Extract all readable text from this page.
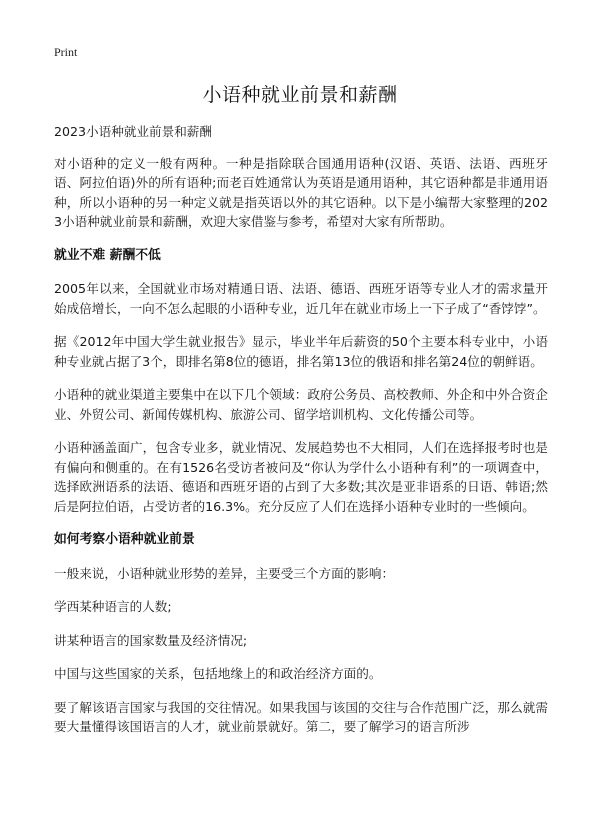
Print
小语种就业前景和薪酬

2023小语种就业前景和薪酬

对小语种的定义一般有两种。一种是指除联合国通用语种(汉语、英语、法语、西班牙语、阿拉伯语)外的所有语种;而老百姓通常认为英语是通用语种，其它语种都是非通用语种，所以小语种的另一种定义就是指英语以外的其它语种。以下是小编帮大家整理的2023小语种就业前景和薪酬，欢迎大家借鉴与参考，希望对大家有所帮助。

就业不难 薪酬不低

2005年以来，全国就业市场对精通日语、法语、德语、西班牙语等专业人才的需求量开始成倍增长，一向不怎么起眼的小语种专业，近几年在就业市场上一下子成了“香饽饽”。

据《2012年中国大学生就业报告》显示，毕业半年后薪资的50个主要本科专业中，小语种专业就占据了3个，即排名第8位的德语，排名第13位的俄语和排名第24位的朝鲜语。

小语种的就业渠道主要集中在以下几个领域：政府公务员、高校教师、外企和中外合资企业、外贸公司、新闻传媒机构、旅游公司、留学培训机构、文化传播公司等。

小语种涵盖面广，包含专业多，就业情况、发展趋势也不大相同，人们在选择报考时也是有偏向和侧重的。在有1526名受访者被问及“你认为学什么小语种有利”的一项调查中，选择欧洲语系的法语、德语和西班牙语的占到了大多数;其次是亚非语系的日语、韩语;然后是阿拉伯语，占受访者的16.3%。充分反应了人们在选择小语种专业时的一些倾向。

如何考察小语种就业前景

一般来说，小语种就业形势的差异，主要受三个方面的影响：

学西某种语言的人数;

讲某种语言的国家数量及经济情况;

中国与这些国家的关系，包括地缘上的和政治经济方面的。

要了解该语言国家与我国的交往情况。如果我国与该国的交往与合作范围广泛，那么就需要大量懂得该国语言的人才，就业前景就好。第二，要了解学习的语言所涉
